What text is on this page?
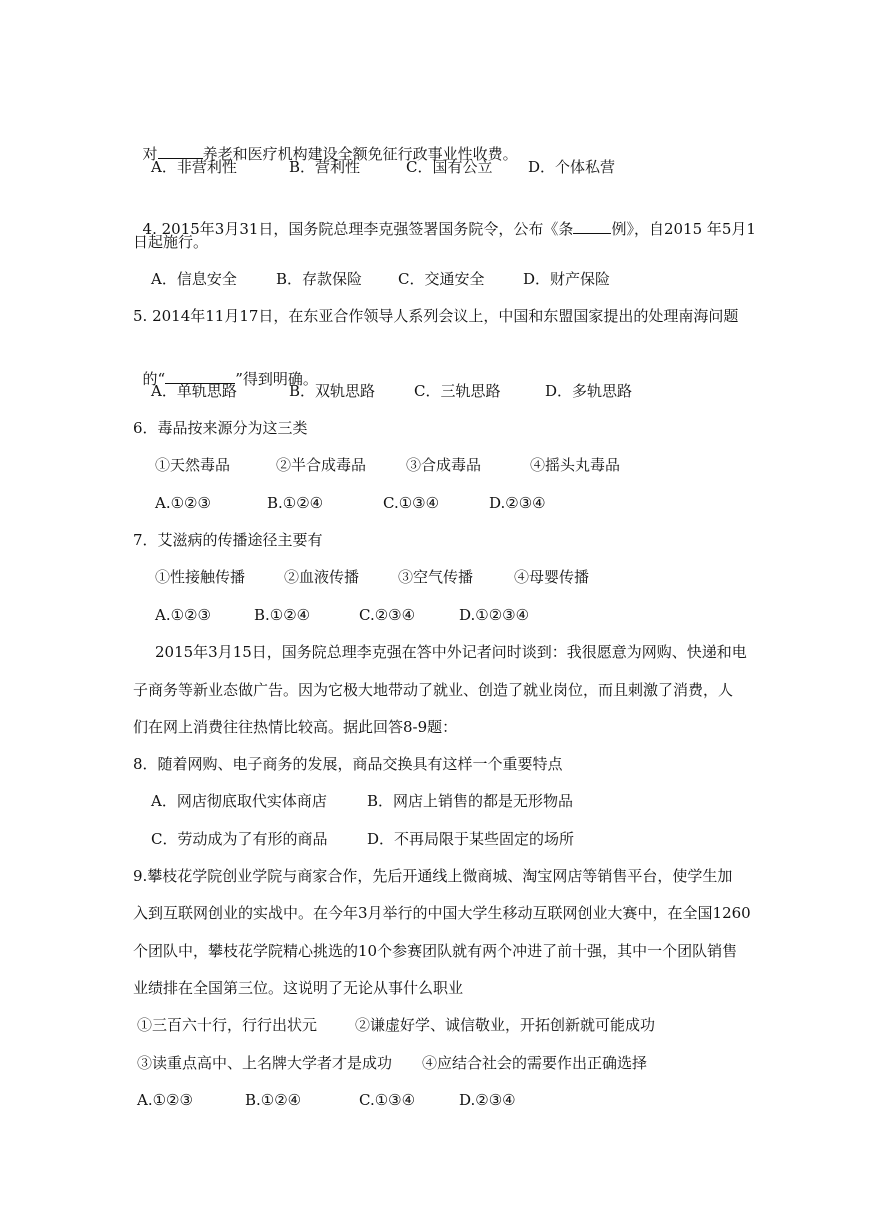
对	养老和医疗机构建设全额免征行政事业性收费。

A．非营利性	B．营利性	C．国有公立 D．个体私营

4. 2015年3月31日，国务院总理李克强签署国务院令，公布《条	例》，自2015 年5月1

日起施行。
A．信息安全	B．存款保险 C．交通安全	D．财产保险
5. 2014年11月17日，在东亚合作领导人系列会议上，中国和东盟国家提出的处理南海问题

的“	”得到明确。

A．单轨思路	B．双轨思路	C．三轨思路	D．多轨思路
6．毒品按来源分为这三类
①天然毒品	②半合成毒品	③合成毒品	④摇头丸毒品
A.①②③	B.①②④	C.①③④	D.②③④
7．艾滋病的传播途径主要有
①性接触传播	②血液传播	③空气传播	④母婴传播
A.①②③	B.①②④	C.②③④	D.①②③④
2015年3月15日，国务院总理李克强在答中外记者问时谈到：我很愿意为网购、快递和电
子商务等新业态做广告。因为它极大地带动了就业、创造了就业岗位，而且刺激了消费，人
们在网上消费往往热情比较高。据此回答8-9题：
8．随着网购、电子商务的发展，商品交换具有这样一个重要特点
A．网店彻底取代实体商店	B．网店上销售的都是无形物品
C．劳动成为了有形的商品	D．不再局限于某些固定的场所
9.攀枝花学院创业学院与商家合作，先后开通线上微商城、淘宝网店等销售平台，使学生加
入到互联网创业的实战中。在今年3月举行的中国大学生移动互联网创业大赛中，在全国1260
个团队中，攀枝花学院精心挑选的10个参赛团队就有两个冲进了前十强，其中一个团队销售
业绩排在全国第三位。这说明了无论从事什么职业
①三百六十行，行行出状元	②谦虚好学、诚信敬业，开拓创新就可能成功
③读重点高中、上名牌大学者才是成功 ④应结合社会的需要作出正确选择
A.①②③	B.①②④	C.①③④	D.②③④
